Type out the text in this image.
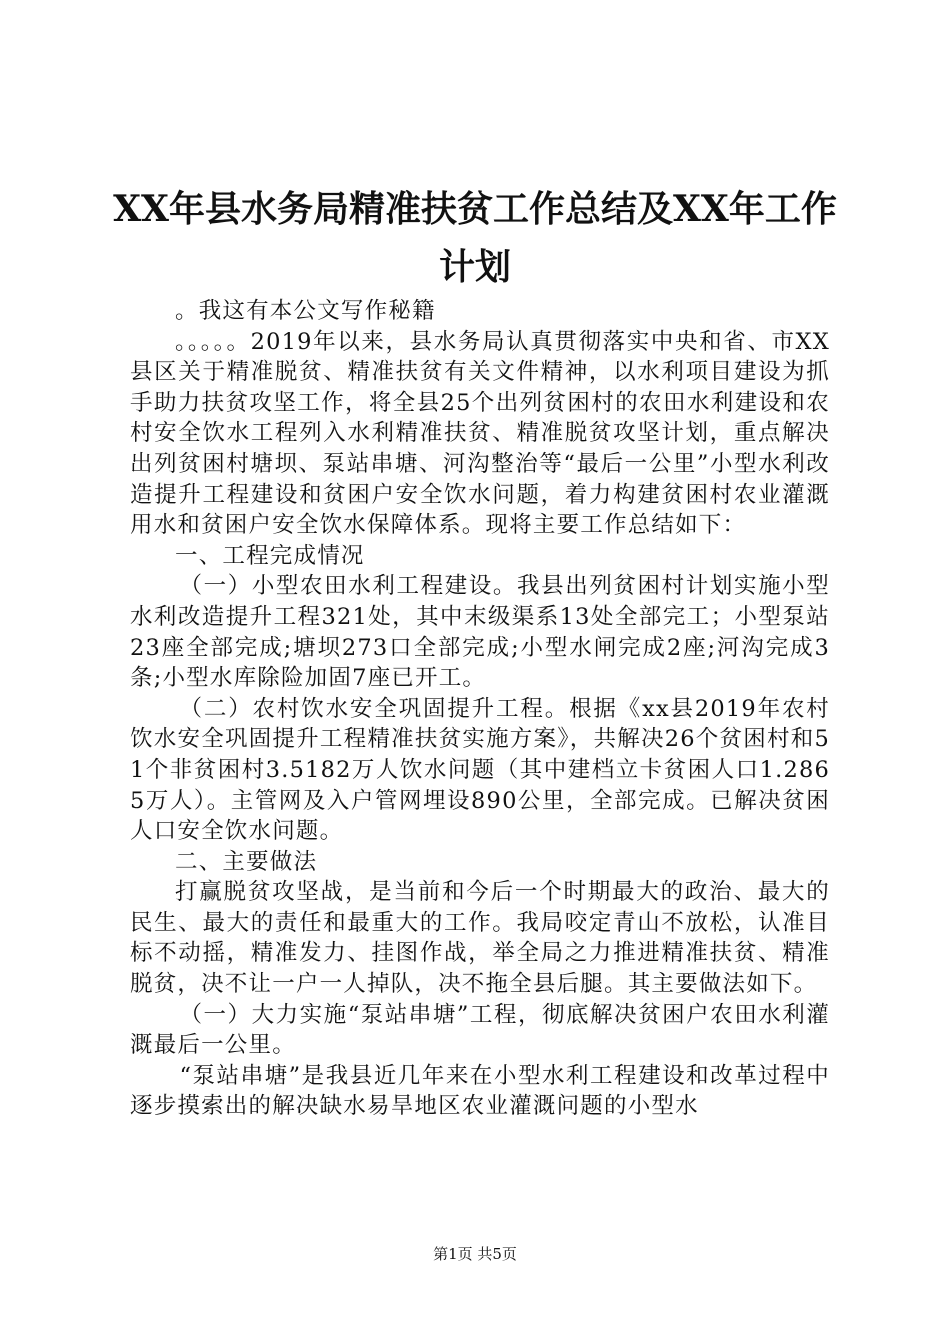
XX年县水务局精准扶贫工作总结及XX年工作
计划

。我这有本公文写作秘籍

。。。。。2019年以来，县水务局认真贯彻落实中央和省、市XX县区关于精准脱贫、精准扶贫有关文件精神，以水利项目建设为抓手助力扶贫攻坚工作，将全县25个出列贫困村的农田水利建设和农村安全饮水工程列入水利精准扶贫、精准脱贫攻坚计划，重点解决出列贫困村塘坝、泵站串塘、河沟整治等“最后一公里”小型水利改造提升工程建设和贫困户安全饮水问题，着力构建贫困村农业灌溉用水和贫困户安全饮水保障体系。现将主要工作总结如下：

一、工程完成情况

（一）小型农田水利工程建设。我县出列贫困村计划实施小型水利改造提升工程321处，其中末级渠系13处全部完工；小型泵站23座全部完成;塘坝273口全部完成;小型水闸完成2座;河沟完成3条;小型水库除险加固7座已开工。

（二）农村饮水安全巩固提升工程。根据《xx县2019年农村饮水安全巩固提升工程精准扶贫实施方案》，共解决26个贫困村和51个非贫困村3.5182万人饮水问题（其中建档立卡贫困人口1.2865万人）。主管网及入户管网埋设890公里，全部完成。已解决贫困人口安全饮水问题。

二、主要做法

打赢脱贫攻坚战，是当前和今后一个时期最大的政治、最大的民生、最大的责任和最重大的工作。我局咬定青山不放松，认准目标不动摇，精准发力、挂图作战，举全局之力推进精准扶贫、精准脱贫，决不让一户一人掉队，决不拖全县后腿。其主要做法如下。

（一）大力实施“泵站串塘”工程，彻底解决贫困户农田水利灌溉最后一公里。

“泵站串塘”是我县近几年来在小型水利工程建设和改革过程中逐步摸索出的解决缺水易旱地区农业灌溉问题的小型水

第1页 共5页
